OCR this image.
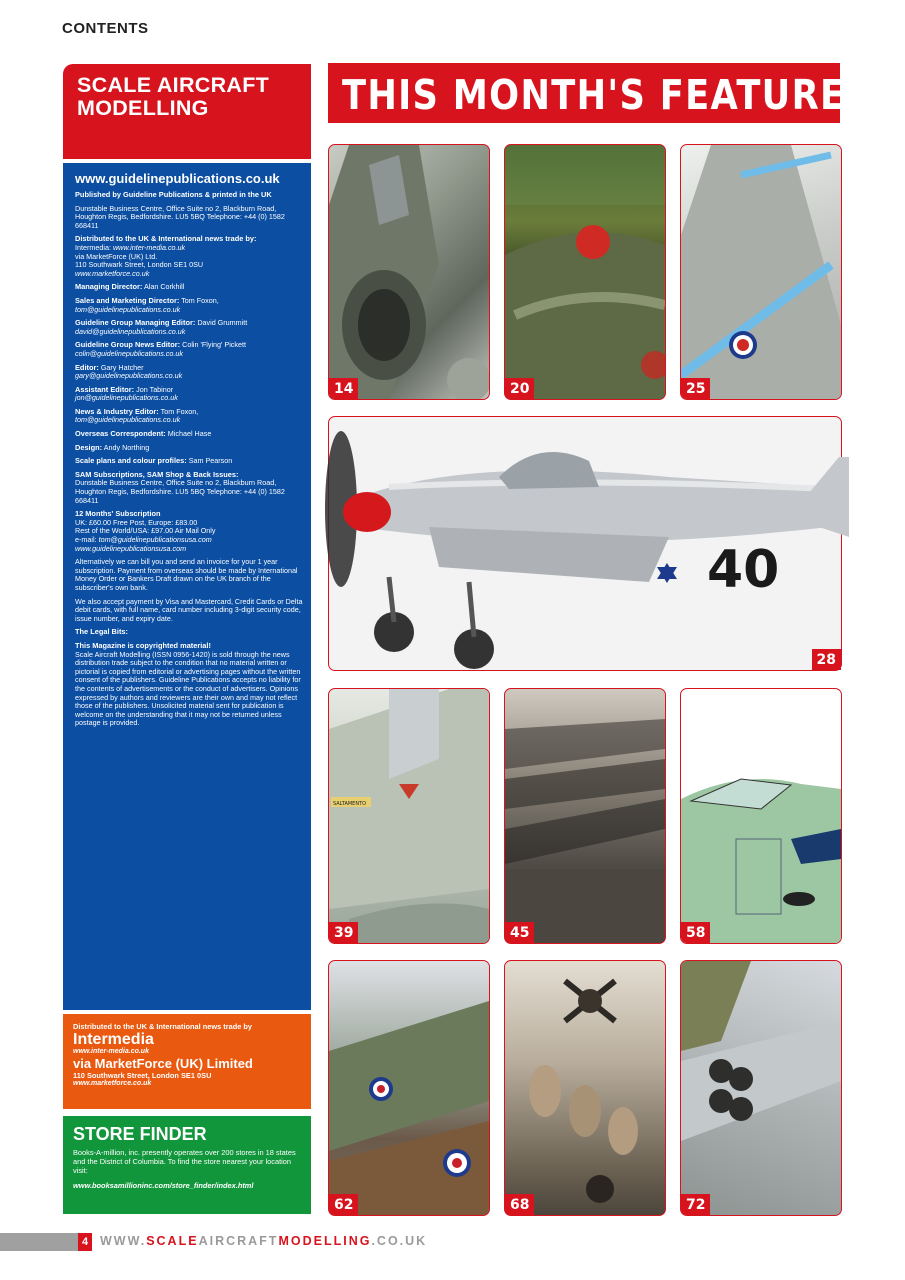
CONTENTS
SCALE AIRCRAFT MODELLING
www.guidelinepublications.co.uk
Published by Guideline Publications & printed in the UK
Dunstable Business Centre, Office Suite no 2, Blackburn Road, Houghton Regis, Bedfordshire. LU5 5BQ Telephone: +44 (0) 1582 668411
Distributed to the UK & International news trade by:
Intermedia: www.inter-media.co.uk
via MarketForce (UK) Ltd.
110 Southwark Street, London SE1 0SU
www.marketforce.co.uk
Managing Director: Alan Corkhill
Sales and Marketing Director: Tom Foxon,
tom@guidelinepublications.co.uk
Guideline Group Managing Editor: David Grummitt
david@guidelinepublications.co.uk
Guideline Group News Editor: Colin 'Flying' Pickett
colin@guidelinepublications.co.uk
Editor: Gary Hatcher
gary@guidelinepublications.co.uk
Assistant Editor: Jon Tabinor
jon@guidelinepublications.co.uk
News & Industry Editor: Tom Foxon,
tom@guidelinepublications.co.uk
Overseas Correspondent: Michael Hase
Design: Andy Northing
Scale plans and colour profiles: Sam Pearson
SAM Subscriptions, SAM Shop & Back Issues:
Dunstable Business Centre, Office Suite no 2, Blackburn Road, Houghton Regis, Bedfordshire. LU5 5BQ Telephone: +44 (0) 1582 668411
12 Months' Subscription
UK: £60.00 Free Post, Europe: £83.00
Rest of the World/USA: £97.00 Air Mail Only
e-mail: tom@guidelinepublicationsusa.com
www.guidelinepublicationsusa.com
Alternatively we can bill you and send an invoice for your 1 year subscription. Payment from overseas should be made by International Money Order or Bankers Draft drawn on the UK branch of the subscriber's own bank.
We also accept payment by Visa and Mastercard, Credit Cards or Delta debit cards, with full name, card number including 3-digit security code, issue number, and expiry date.
The Legal Bits:
This Magazine is copyrighted material!
Scale Aircraft Modelling (ISSN 0956-1420) is sold through the news distribution trade subject to the condition that no material written or pictorial is copied from editorial or advertising pages without the written consent of the publishers. Guideline Publications accepts no liability for the contents of advertisements or the conduct of advertisers. Opinions expressed by authors and reviewers are their own and may not reflect those of the publishers. Unsolicited material sent for publication is welcome on the understanding that it may not be returned unless postage is provided.
Distributed to the UK & International news trade by
Intermedia
www.inter-media.co.uk
via MarketForce (UK) Limited
110 Southwark Street, London SE1 0SU
www.marketforce.co.uk
STORE FINDER
Books-A-million, inc. presently operates over 200 stores in 18 states and the District of Columbia. To find the store nearest your location visit:
www.booksamillioninc.com/store_finder/index.html
THIS MONTH'S FEATURES
14	20	25
40
28
SALTAMENTO
39	45	58
62	68	72
4 WWW.SCALEAIRCRAFTMODELLING.CO.UK
